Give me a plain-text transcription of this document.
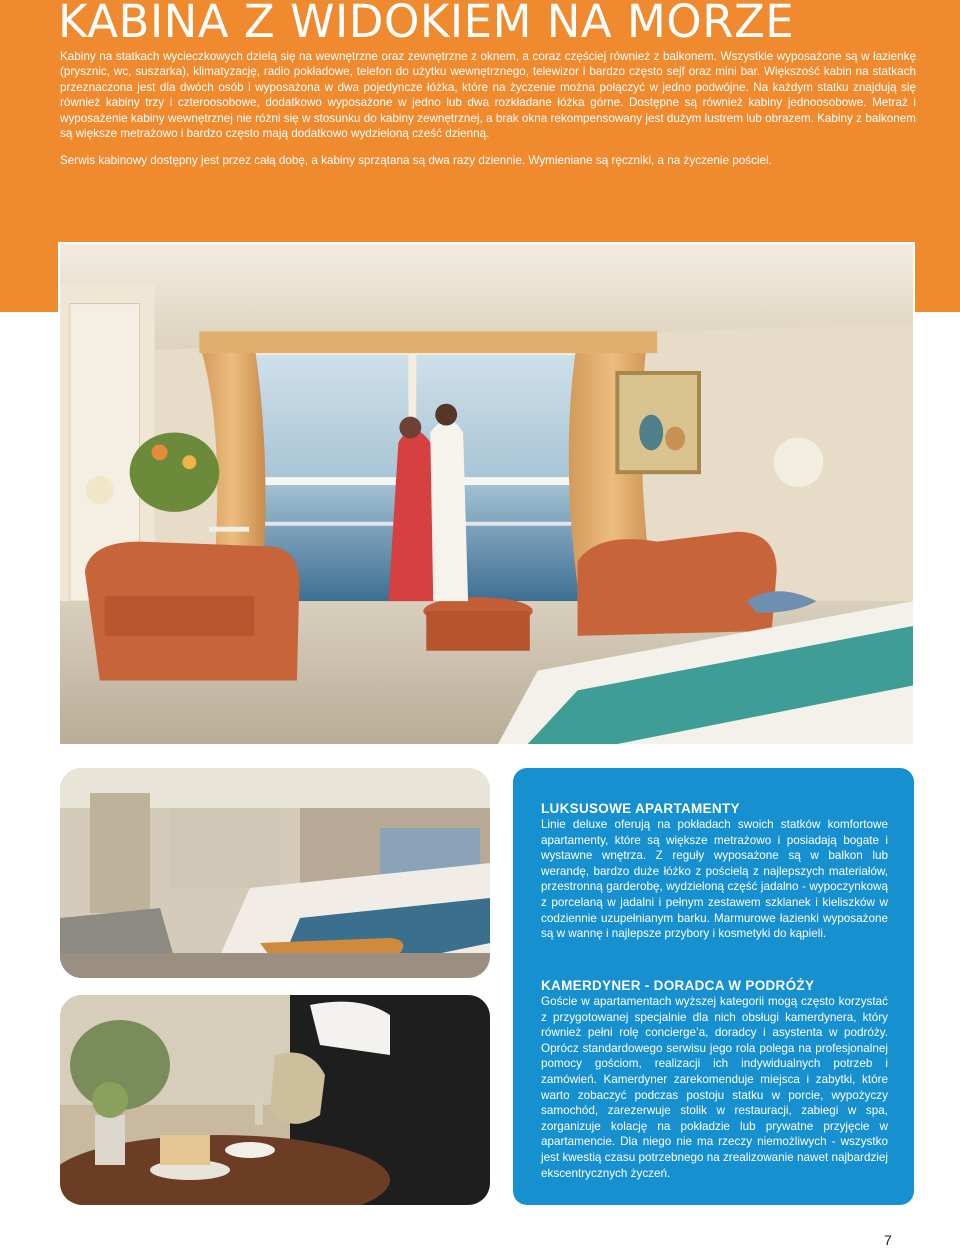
KABINA Z WIDOKIEM NA MORZE

Kabiny na statkach wycieczkowych dzielą się na wewnętrzne oraz zewnętrzne z oknem, a coraz częściej również z balkonem. Wszystkie wyposażone są w łazienkę (prysznic, wc, suszarka), klimatyzację, radio pokładowe, telefon do użytku wewnętrznego, telewizor i bardzo często sejf oraz mini bar. Większość kabin na statkach przeznaczona jest dla dwóch osób i wyposażona w dwa pojedyncze łóżka, które na życzenie można połączyć w jedno podwójne. Na każdym statku znajdują się również kabiny trzy i czteroosobowe, dodatkowo wyposażone w jedno lub dwa rozkładane łóżka górne. Dostępne są również kabiny jednoosobowe. Metraż i wyposażenie kabiny wewnętrznej nie różni się w stosunku do kabiny zewnętrznej, a brak okna rekompensowany jest dużym lustrem lub obrazem. Kabiny z balkonem są większe metrażowo i bardzo często mają dodatkowo wydzieloną cześć dzienną.

Serwis kabinowy dostępny jest przez całą dobę, a kabiny sprzątana są dwa razy dziennie. Wymieniane są ręczniki, a na życzenie pościel.

LUKSUSOWE APARTAMENTY

Linie deluxe oferują na pokładach swoich statków komfortowe apartamenty, które są większe metrażowo i posiadają bogate i wystawne wnętrza. Z reguły wyposażone są w balkon lub werandę, bardzo duże łóżko z pościelą z najlepszych materiałów, przestronną garderobę, wydzieloną część jadalno - wypoczynkową z porcelaną w jadalni i pełnym zestawem szklanek i kieliszków w codziennie uzupełnianym barku. Marmurowe łazienki wyposażone są w wannę i najlepsze przybory i kosmetyki do kąpieli.

KAMERDYNER - DORADCA W PODRÓŻY

Goście w apartamentach wyższej kategorii mogą często korzystać z przygotowanej specjalnie dla nich obsługi kamerdynera, który również pełni rolę concierge’a, doradcy i asystenta w podróży. Oprócz standardowego serwisu jego rola polega na profesjonalnej pomocy gościom, realizacji ich indywidualnych potrzeb i zamówień. Kamerdyner zarekomenduje miejsca i zabytki, które warto zobaczyć podczas postoju statku w porcie, wypożyczy samochód, zarezerwuje stolik w restauracji, zabiegi w spa, zorganizuje kolację na pokładzie lub prywatne przyjęcie w apartamencie. Dla niego nie ma rzeczy niemożliwych - wszystko jest kwestią czasu potrzebnego na zrealizowanie nawet najbardziej ekscentrycznych życzeń.

7
